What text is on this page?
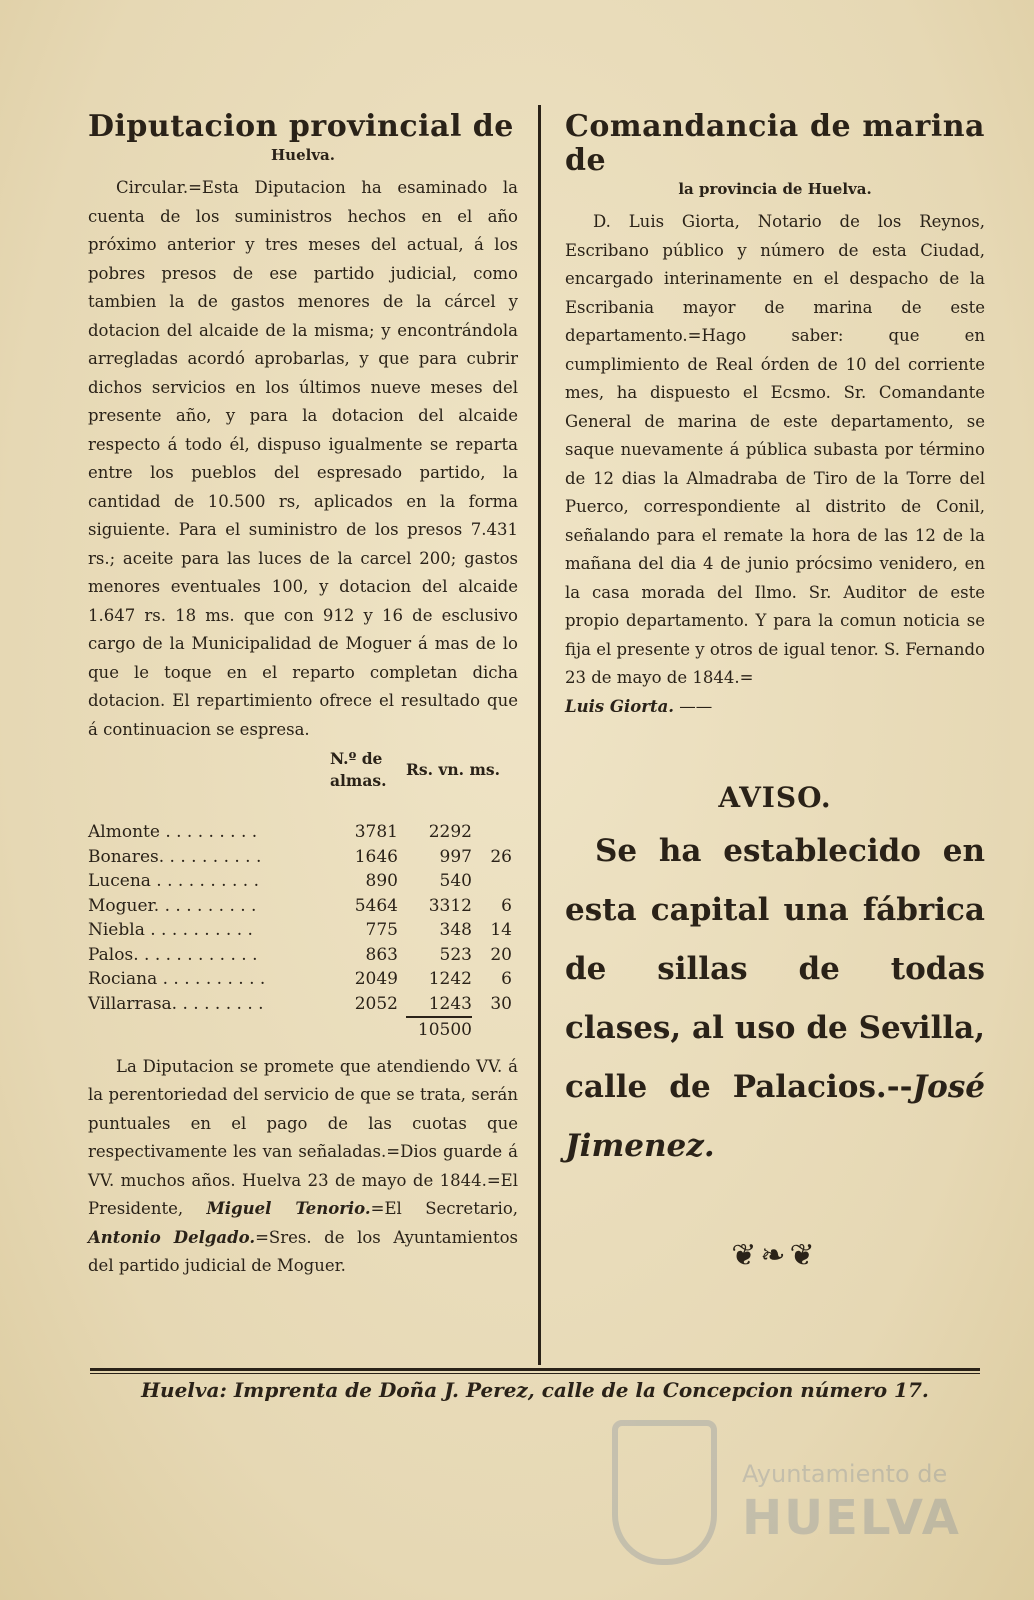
Diputacion provincial de
Huelva.

Circular.=Esta Diputacion ha esaminado la cuenta de los suministros hechos en el año próximo anterior y tres meses del actual, á los pobres presos de ese partido judicial, como tambien la de gastos menores de la cárcel y dotacion del alcaide de la misma; y encontrándola arregladas acordó aprobarlas, y que para cubrir dichos servicios en los últimos nueve meses del presente año, y para la dotacion del alcaide respecto á todo él, dispuso igualmente se reparta entre los pueblos del espresado partido, la cantidad de 10.500 rs, aplicados en la forma siguiente. Para el suministro de los presos 7.431 rs.; aceite para las luces de la carcel 200; gastos menores eventuales 100, y dotacion del alcaide 1.647 rs. 18 ms. que con 912 y 16 de esclusivo cargo de la Municipalidad de Moguer á mas de lo que le toque en el reparto completan dicha dotacion. El repartimiento ofrece el resultado que á continuacion se espresa.

	N.º de almas.	Rs. vn. ms.	

Almonte . . . . . . . . .	3781	2292	
Bonares. . . . . . . . . .	1646	997	26
Lucena . . . . . . . . . .	890	540	
Moguer. . . . . . . . . .	5464	3312	6
Niebla . . . . . . . . . .	775	348	14
Palos. . . . . . . . . . . .	863	523	20
Rociana . . . . . . . . . .	2049	1242	6
Villarrasa. . . . . . . . .	2052	1243	30
		10500	

La Diputacion se promete que atendiendo VV. á la perentoriedad del servicio de que se trata, serán puntuales en el pago de las cuotas que respectivamente les van señaladas.=Dios guarde á VV. muchos años. Huelva 23 de mayo de 1844.=El Presidente, Miguel Tenorio.=El Secretario, Antonio Delgado.=Sres. de los Ayuntamientos del partido judicial de Moguer.

Comandancia de marina de
la provincia de Huelva.

D. Luis Giorta, Notario de los Reynos, Escribano público y número de esta Ciudad, encargado interinamente en el despacho de la Escribania mayor de marina de este departamento.=Hago saber: que en cumplimiento de Real órden de 10 del corriente mes, ha dispuesto el Ecsmo. Sr. Comandante General de marina de este departamento, se saque nuevamente á pública subasta por término de 12 dias la Almadraba de Tiro de la Torre del Puerco, correspondiente al distrito de Conil, señalando para el remate la hora de las 12 de la mañana del dia 4 de junio prócsimo venidero, en la casa morada del Ilmo. Sr. Auditor de este propio departamento. Y para la comun noticia se fija el presente y otros de igual tenor. S. Fernando 23 de mayo de 1844.=
Luis Giorta. ——

AVISO.

Se ha establecido en esta capital una fábrica de sillas de todas clases, al uso de Sevilla, calle de Palacios.--José Jimenez.

❦❧❦
Huelva: Imprenta de Doña J. Perez, calle de la Concepcion número 17.
Ayuntamiento de
HUELVA
